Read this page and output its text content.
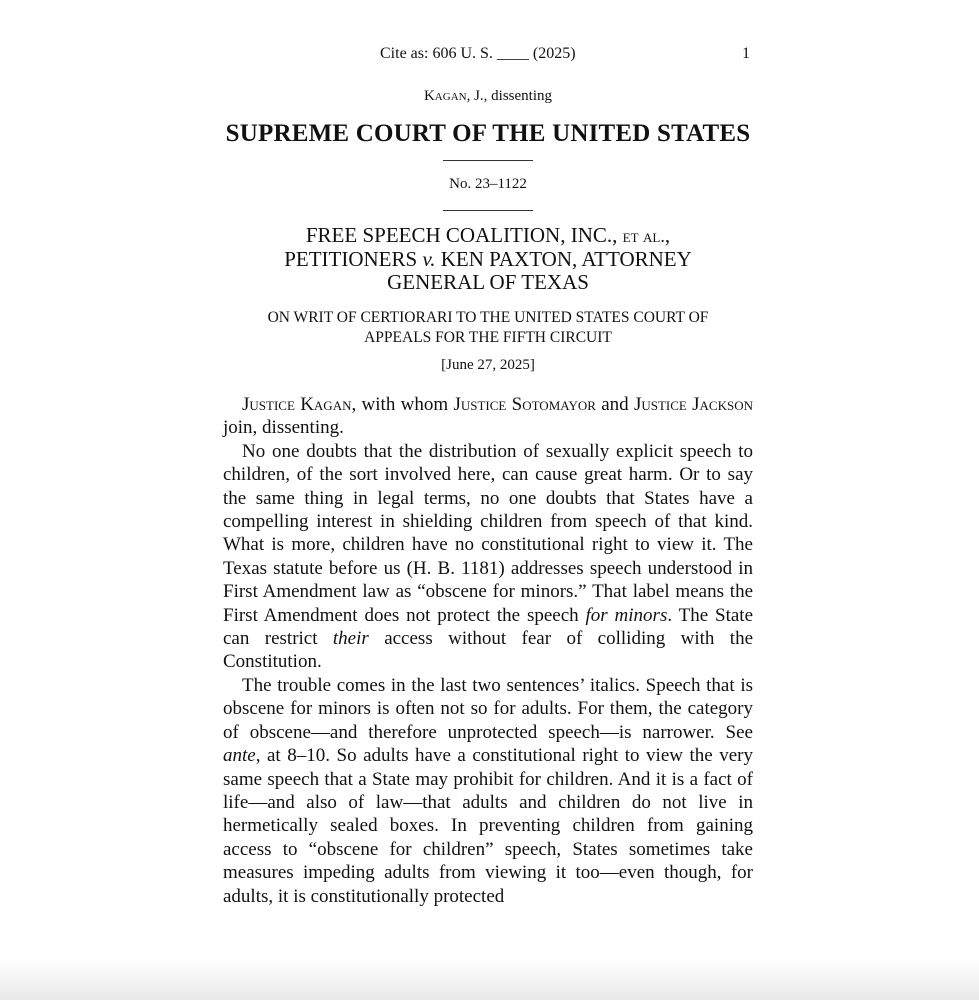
Cite as: 606 U. S. ____ (2025)	1
Kagan, J., dissenting
SUPREME COURT OF THE UNITED STATES
No. 23–1122
FREE SPEECH COALITION, INC., et al.,
PETITIONERS v. KEN PAXTON, ATTORNEY
GENERAL OF TEXAS
ON WRIT OF CERTIORARI TO THE UNITED STATES COURT OF
APPEALS FOR THE FIFTH CIRCUIT
[June 27, 2025]

Justice Kagan, with whom Justice Sotomayor and Justice Jackson join, dissenting.

No one doubts that the distribution of sexually explicit speech to children, of the sort involved here, can cause great harm. Or to say the same thing in legal terms, no one doubts that States have a compelling interest in shielding children from speech of that kind. What is more, children have no constitutional right to view it. The Texas statute before us (H. B. 1181) addresses speech understood in First Amendment law as “obscene for minors.” That label means the First Amendment does not protect the speech for minors. The State can restrict their access without fear of colliding with the Constitution.

The trouble comes in the last two sentences’ italics. Speech that is obscene for minors is often not so for adults. For them, the category of obscene—and therefore unprotected speech—is narrower. See ante, at 8–10. So adults have a constitutional right to view the very same speech that a State may prohibit for children. And it is a fact of life—and also of law—that adults and children do not live in hermetically sealed boxes. In preventing children from gaining access to “obscene for children” speech, States sometimes take measures impeding adults from viewing it too—even though, for adults, it is constitutionally protected
